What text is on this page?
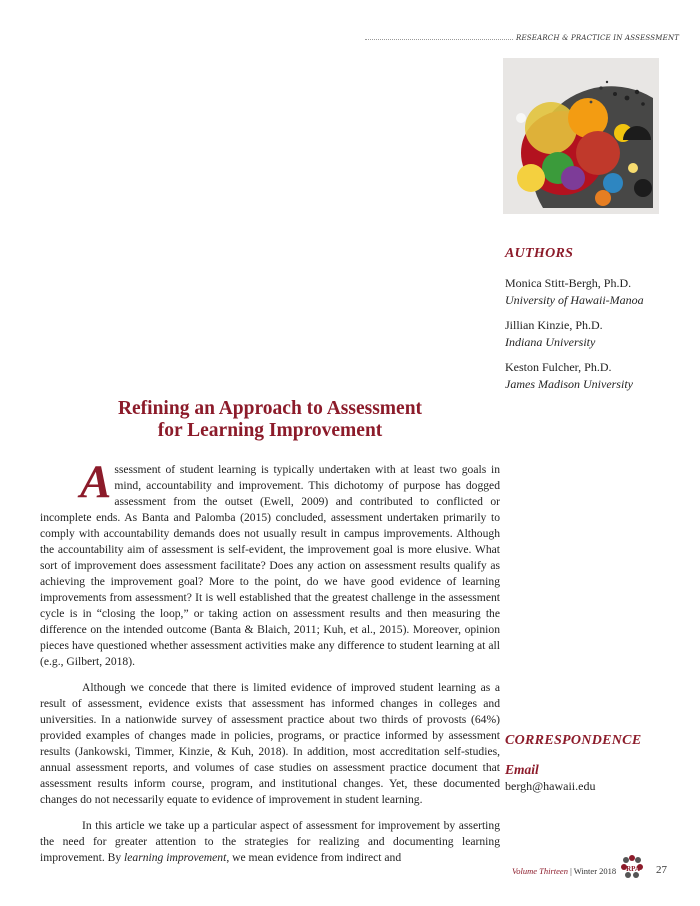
RESEARCH & PRACTICE IN ASSESSMENT
AUTHORS
Monica Stitt-Bergh, Ph.D.
University of Hawaii-Manoa
Jillian Kinzie, Ph.D.
Indiana University
Keston Fulcher, Ph.D.
James Madison University
CORRESPONDENCE
Email
bergh@hawaii.edu
Refining an Approach to Assessment
for Learning Improvement

Assessment of student learning is typically undertaken with at least two goals in mind, accountability and improvement. This dichotomy of purpose has dogged assessment from the outset (Ewell, 2009) and contributed to conflicted or incomplete ends. As Banta and Palomba (2015) concluded, assessment undertaken primarily to comply with accountability demands does not usually result in campus improvements. Although the accountability aim of assessment is self-evident, the improvement goal is more elusive. What sort of improvement does assessment facilitate? Does any action on assessment results qualify as achieving the improvement goal? More to the point, do we have good evidence of learning improvements from assessment? It is well established that the greatest challenge in the assessment cycle is in “closing the loop,” or taking action on assessment results and then measuring the difference on the intended outcome (Banta & Blaich, 2011; Kuh, et al., 2015). Moreover, opinion pieces have questioned whether assessment activities make any difference to student learning at all (e.g., Gilbert, 2018).

Although we concede that there is limited evidence of improved student learning as a result of assessment, evidence exists that assessment has informed changes in colleges and universities. In a nationwide survey of assessment practice about two thirds of provosts (64%) provided examples of changes made in policies, programs, or practice informed by assessment results (Jankowski, Timmer, Kinzie, & Kuh, 2018). In addition, most accreditation self-studies, annual assessment reports, and volumes of case studies on assessment practice document that assessment results inform course, program, and institutional changes. Yet, these documented changes do not necessarily equate to evidence of improvement in student learning.

In this article we take up a particular aspect of assessment for improvement by asserting the need for greater attention to the strategies for realizing and documenting learning improvement. By learning improvement, we mean evidence from indirect and

Volume Thirteen | Winter 2018 RPA 27
